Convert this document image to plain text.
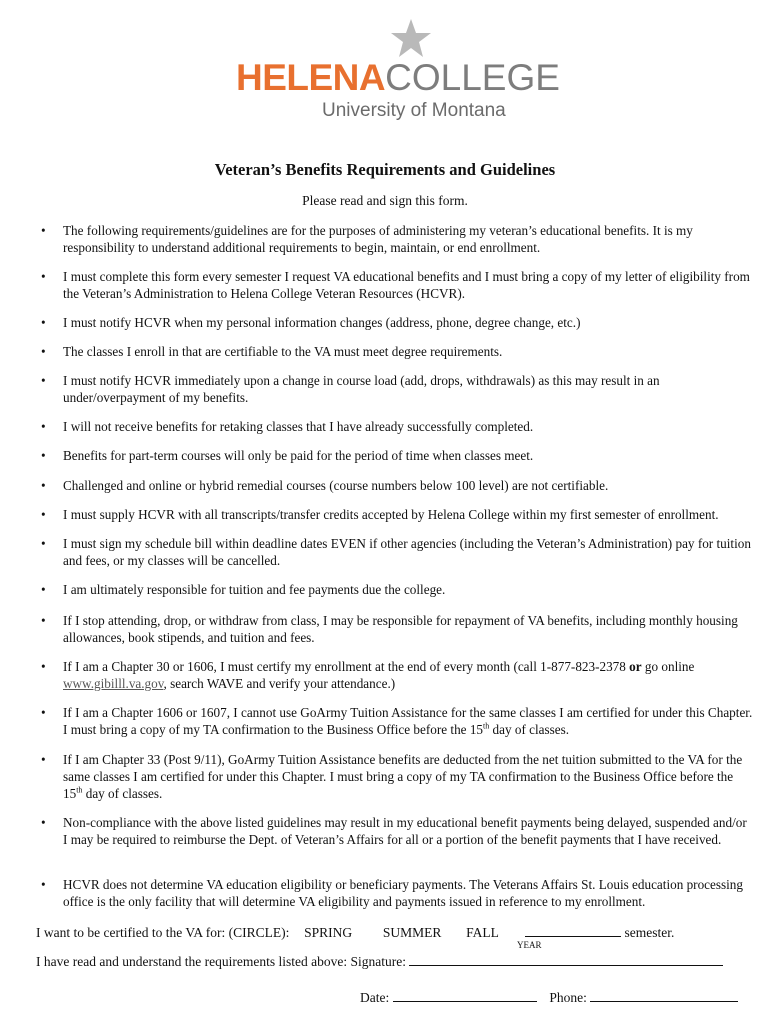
HELENACOLLEGE
University of Montana
Veteran’s Benefits Requirements and Guidelines
Please read and sign this form.
• The following requirements/guidelines are for the purposes of administering my veteran’s educational benefits. It is my responsibility to understand additional requirements to begin, maintain, or end enrollment.
• I must complete this form every semester I request VA educational benefits and I must bring a copy of my letter of eligibility from the Veteran’s Administration to Helena College Veteran Resources (HCVR).
• I must notify HCVR when my personal information changes (address, phone, degree change, etc.)
• The classes I enroll in that are certifiable to the VA must meet degree requirements.
• I must notify HCVR immediately upon a change in course load (add, drops, withdrawals) as this may result in an under/overpayment of my benefits.
• I will not receive benefits for retaking classes that I have already successfully completed.
• Benefits for part-term courses will only be paid for the period of time when classes meet.
• Challenged and online or hybrid remedial courses (course numbers below 100 level) are not certifiable.
• I must supply HCVR with all transcripts/transfer credits accepted by Helena College within my first semester of enrollment.
• I must sign my schedule bill within deadline dates EVEN if other agencies (including the Veteran’s Administration) pay for tuition and fees, or my classes will be cancelled.
• I am ultimately responsible for tuition and fee payments due the college.
• If I stop attending, drop, or withdraw from class, I may be responsible for repayment of VA benefits, including monthly housing allowances, book stipends, and tuition and fees.
• If I am a Chapter 30 or 1606, I must certify my enrollment at the end of every month (call 1-877-823-2378 or go online www.gibilll.va.gov, search WAVE and verify your attendance.)
• If I am a Chapter 1606 or 1607, I cannot use GoArmy Tuition Assistance for the same classes I am certified for under this Chapter. I must bring a copy of my TA confirmation to the Business Office before the 15th day of classes.
• If I am Chapter 33 (Post 9/11), GoArmy Tuition Assistance benefits are deducted from the net tuition submitted to the VA for the same classes I am certified for under this Chapter. I must bring a copy of my TA confirmation to the Business Office before the 15th day of classes.
• Non-compliance with the above listed guidelines may result in my educational benefit payments being delayed, suspended and/or I may be required to reimburse the Dept. of Veteran’s Affairs for all or a portion of the benefit payments that I have received.
• HCVR does not determine VA education eligibility or beneficiary payments. The Veterans Affairs St. Louis education processing office is the only facility that will determine VA eligibility and payments issued in reference to my enrollment.
I want to be certified to the VA for: (CIRCLE): SPRING SUMMER FALL	semester.
YEAR
I have read and understand the requirements listed above: Signature:
Date:	Phone:
